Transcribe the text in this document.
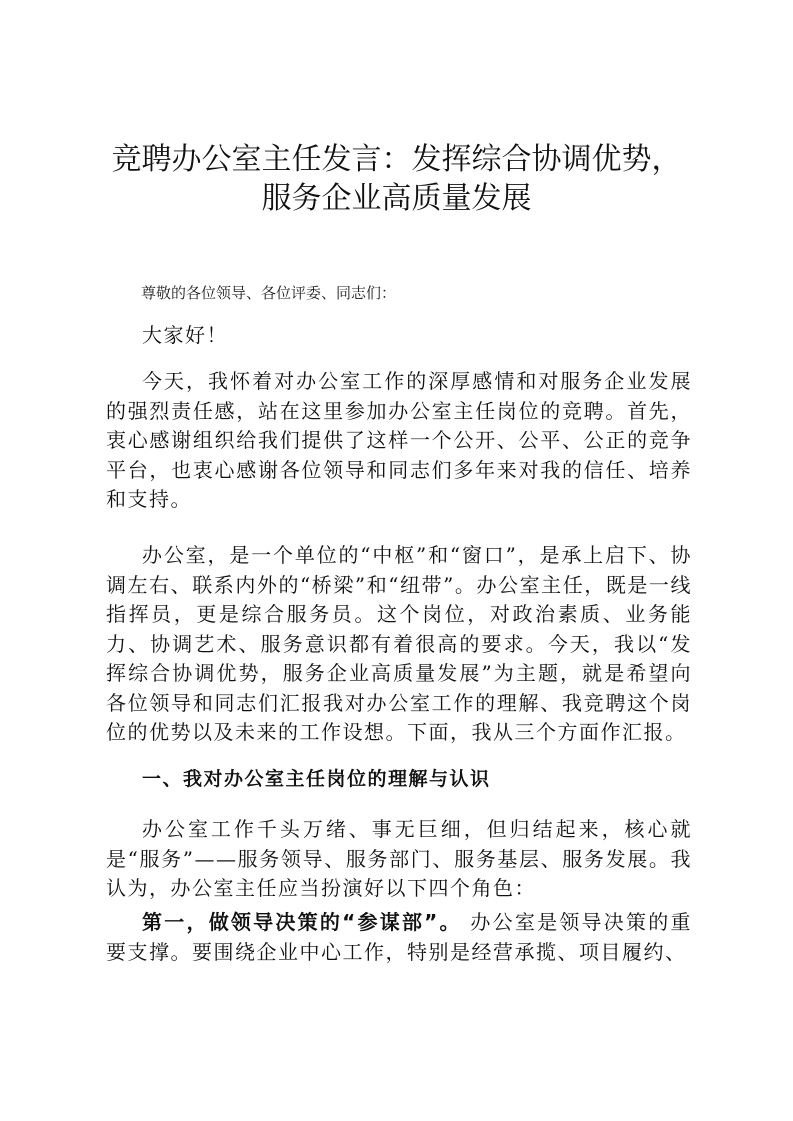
竞聘办公室主任发言：发挥综合协调优势，服务企业高质量发展

尊敬的各位领导、各位评委、同志们：

大家好！

今天，我怀着对办公室工作的深厚感情和对服务企业发展的强烈责任感，站在这里参加办公室主任岗位的竞聘。首先，衷心感谢组织给我们提供了这样一个公开、公平、公正的竞争平台，也衷心感谢各位领导和同志们多年来对我的信任、培养和支持。

办公室，是一个单位的“中枢”和“窗口”，是承上启下、协调左右、联系内外的“桥梁”和“纽带”。办公室主任，既是一线指挥员，更是综合服务员。这个岗位，对政治素质、业务能力、协调艺术、服务意识都有着很高的要求。今天，我以“发挥综合协调优势，服务企业高质量发展”为主题，就是希望向各位领导和同志们汇报我对办公室工作的理解、我竞聘这个岗位的优势以及未来的工作设想。下面，我从三个方面作汇报。

一、我对办公室主任岗位的理解与认识

办公室工作千头万绪、事无巨细，但归结起来，核心就是“服务”——服务领导、服务部门、服务基层、服务发展。我认为，办公室主任应当扮演好以下四个角色：

第一，做领导决策的“参谋部”。 办公室是领导决策的重要支撑。要围绕企业中心工作，特别是经营承揽、项目履约、
